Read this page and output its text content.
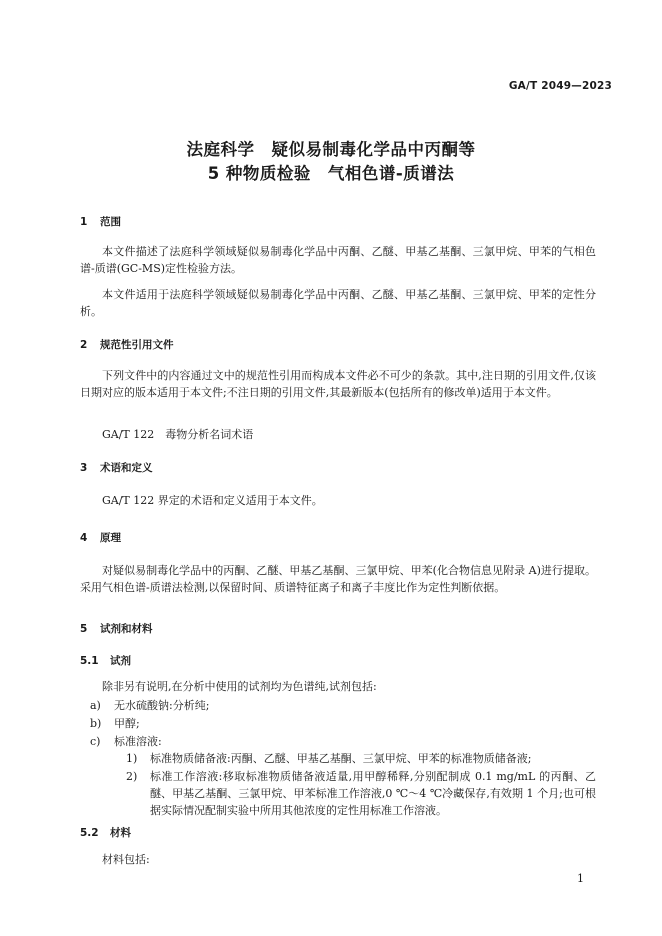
GA/T 2049—2023
法庭科学　疑似易制毒化学品中丙酮等
5 种物质检验　气相色谱-质谱法
1 范围
本文件描述了法庭科学领域疑似易制毒化学品中丙酮、乙醚、甲基乙基酮、三氯甲烷、甲苯的气相色谱-质谱(GC-MS)定性检验方法。
本文件适用于法庭科学领域疑似易制毒化学品中丙酮、乙醚、甲基乙基酮、三氯甲烷、甲苯的定性分析。
2 规范性引用文件
下列文件中的内容通过文中的规范性引用而构成本文件必不可少的条款。其中,注日期的引用文件,仅该日期对应的版本适用于本文件;不注日期的引用文件,其最新版本(包括所有的修改单)适用于本文件。
GA/T 122　毒物分析名词术语
3 术语和定义
GA/T 122 界定的术语和定义适用于本文件。
4 原理
对疑似易制毒化学品中的丙酮、乙醚、甲基乙基酮、三氯甲烷、甲苯(化合物信息见附录 A)进行提取。采用气相色谱-质谱法检测,以保留时间、质谱特征离子和离子丰度比作为定性判断依据。
5 试剂和材料
5.1 试剂
除非另有说明,在分析中使用的试剂均为色谱纯,试剂包括:
a) 无水硫酸钠:分析纯;
b) 甲醇;
c) 标准溶液:
1)	标准物质储备液:丙酮、乙醚、甲基乙基酮、三氯甲烷、甲苯的标准物质储备液;
2)	标准工作溶液:移取标准物质储备液适量,用甲醇稀释,分别配制成 0.1 mg/mL 的丙酮、乙醚、甲基乙基酮、三氯甲烷、甲苯标准工作溶液,0 ℃～4 ℃冷藏保存,有效期 1 个月;也可根据实际情况配制实验中所用其他浓度的定性用标准工作溶液。
5.2 材料
材料包括:
1
